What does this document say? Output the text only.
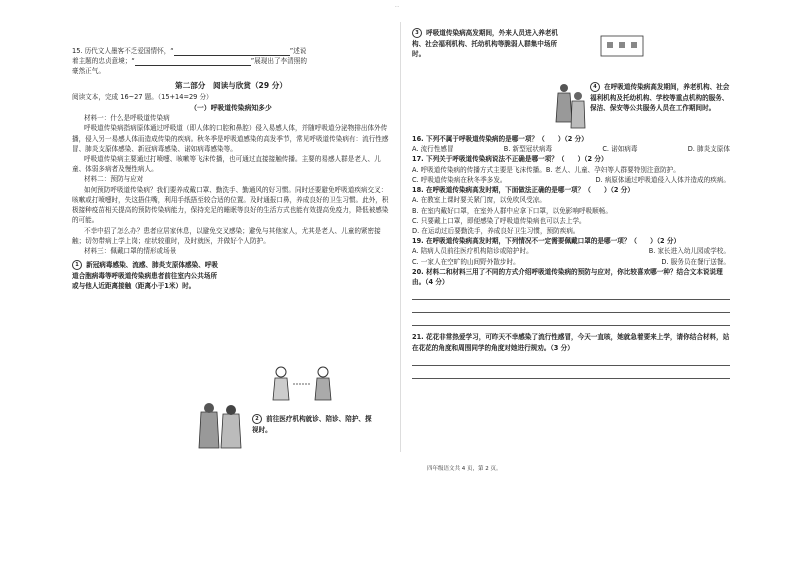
…
15. 历代文人墨客不乏爱国情怀，“	”述说
着主题的忠贞意境；“	”展现出了李清照的
豪然正气。
第二部分　阅读与欣赏（29 分）
阅读文本，完成 16~27 题。（15+14=29 分）
（一）呼吸道传染病知多少
材料一：什么是呼吸道传染病
呼吸道传染病指病原体通过呼吸道（即人体的口腔和鼻腔）侵入易感人体，并随呼吸道分泌物排出体外传播，侵入另一易感人体而造成传染的疾病。秋冬季是呼吸道感染的高发季节，常见呼吸道传染病有：流行性感冒、肺炎支原体感染、新冠病毒感染、诺如病毒感染等。
呼吸道传染病主要通过打喷嚏、咳嗽等飞沫传播，也可通过直接接触传播。主要的易感人群是老人、儿童、体弱多病者及慢性病人。
材料二：预防与应对
如何预防呼吸道传染病？我们要养成戴口罩、勤洗手、勤通风的好习惯。同时还要避免呼吸道疾病交叉：咳嗽或打喷嚏时，失这捂住嘴，利用手纸捂至较合适的位置。及时通报口鼻，养成良好的卫生习惯。此外，积极接种疫苗相关提高的预防传染病能力，保持充足的睡眠等良好的生活方式也能有效提高免疫力，降低被感染的可能。
不幸中招了怎么办？患者应居家休息，以避免交叉感染；避免与其他家人，尤其是老人、儿童的紧密接触；切勿带病上学上岗；症状较重时，及时就医，并做好个人防护。
材料三：佩戴口罩的情形或场景
1 新冠病毒感染、流感、肺炎支原体感染、呼吸道合胞病毒等呼吸道传染病患者前往室内公共场所或与他人近距离接触（距离小于1米）时。
2 前往医疗机构就诊、陪诊、陪护、探视时。
3 呼吸道传染病高发期间，外来人员进入养老机构、社会福利机构、托幼机构等脆弱人群集中场所时。
4 在呼吸道传染病高发期间，养老机构、社会福利机构及托幼机构、学校等重点机构的服务、保洁、保安等公共服务人员在工作期间时。
16. 下列不属于呼吸道传染病的是哪一项？（　　）（2 分）
A. 流行性感冒	B. 新型冠状病毒	C. 诺如病毒	D. 肺炎支原体
17. 下列关于呼吸道传染病说法不正确是哪一项？（　　）（2 分）
A. 呼吸道传染病的传播方式主要是飞沫传播。B. 老人、儿童、孕妇等人群要特别注意防护。
C. 呼吸道传染病在秋冬季多发。	D. 病原体通过呼吸道侵入人体并造成的疾病。
18. 在呼吸道传染病高发时期，下面做法正确的是哪一项？（　　）（2 分）
A. 在教室上课时要关紧门窗，以免吹风受凉。
B. 在室内戴好口罩，在室外人群中应拿下口罩，以免影响呼吸顺畅。
C. 只要戴上口罩，即便感染了呼吸道传染病也可以去上学。
D. 在运动过后要勤洗手，养成良好卫生习惯，预防疾病。
19. 在呼吸道传染病高发时期，下列情况不一定需要佩戴口罩的是哪一项？（　　）（2 分）
A. 陪病人员前往医疗机构陪诊或陪护时。	B. 家长进入幼儿园或学校。
C. 一家人在空旷的山间野外散步时。	D. 服务员在餐厅送餐。
20. 材料二和材料三用了不同的方式介绍呼吸道传染病的预防与应对，你比较喜欢哪一种？结合文本说说理由。（4 分）
21. 花花非常热爱学习，可昨天不幸感染了流行性感冒，今天一直咳，她就急着要来上学，请你结合材料，站在花花的角度和周围同学的角度对她进行规劝。（3 分）
四年级语文共 4 页，第 2 页。
